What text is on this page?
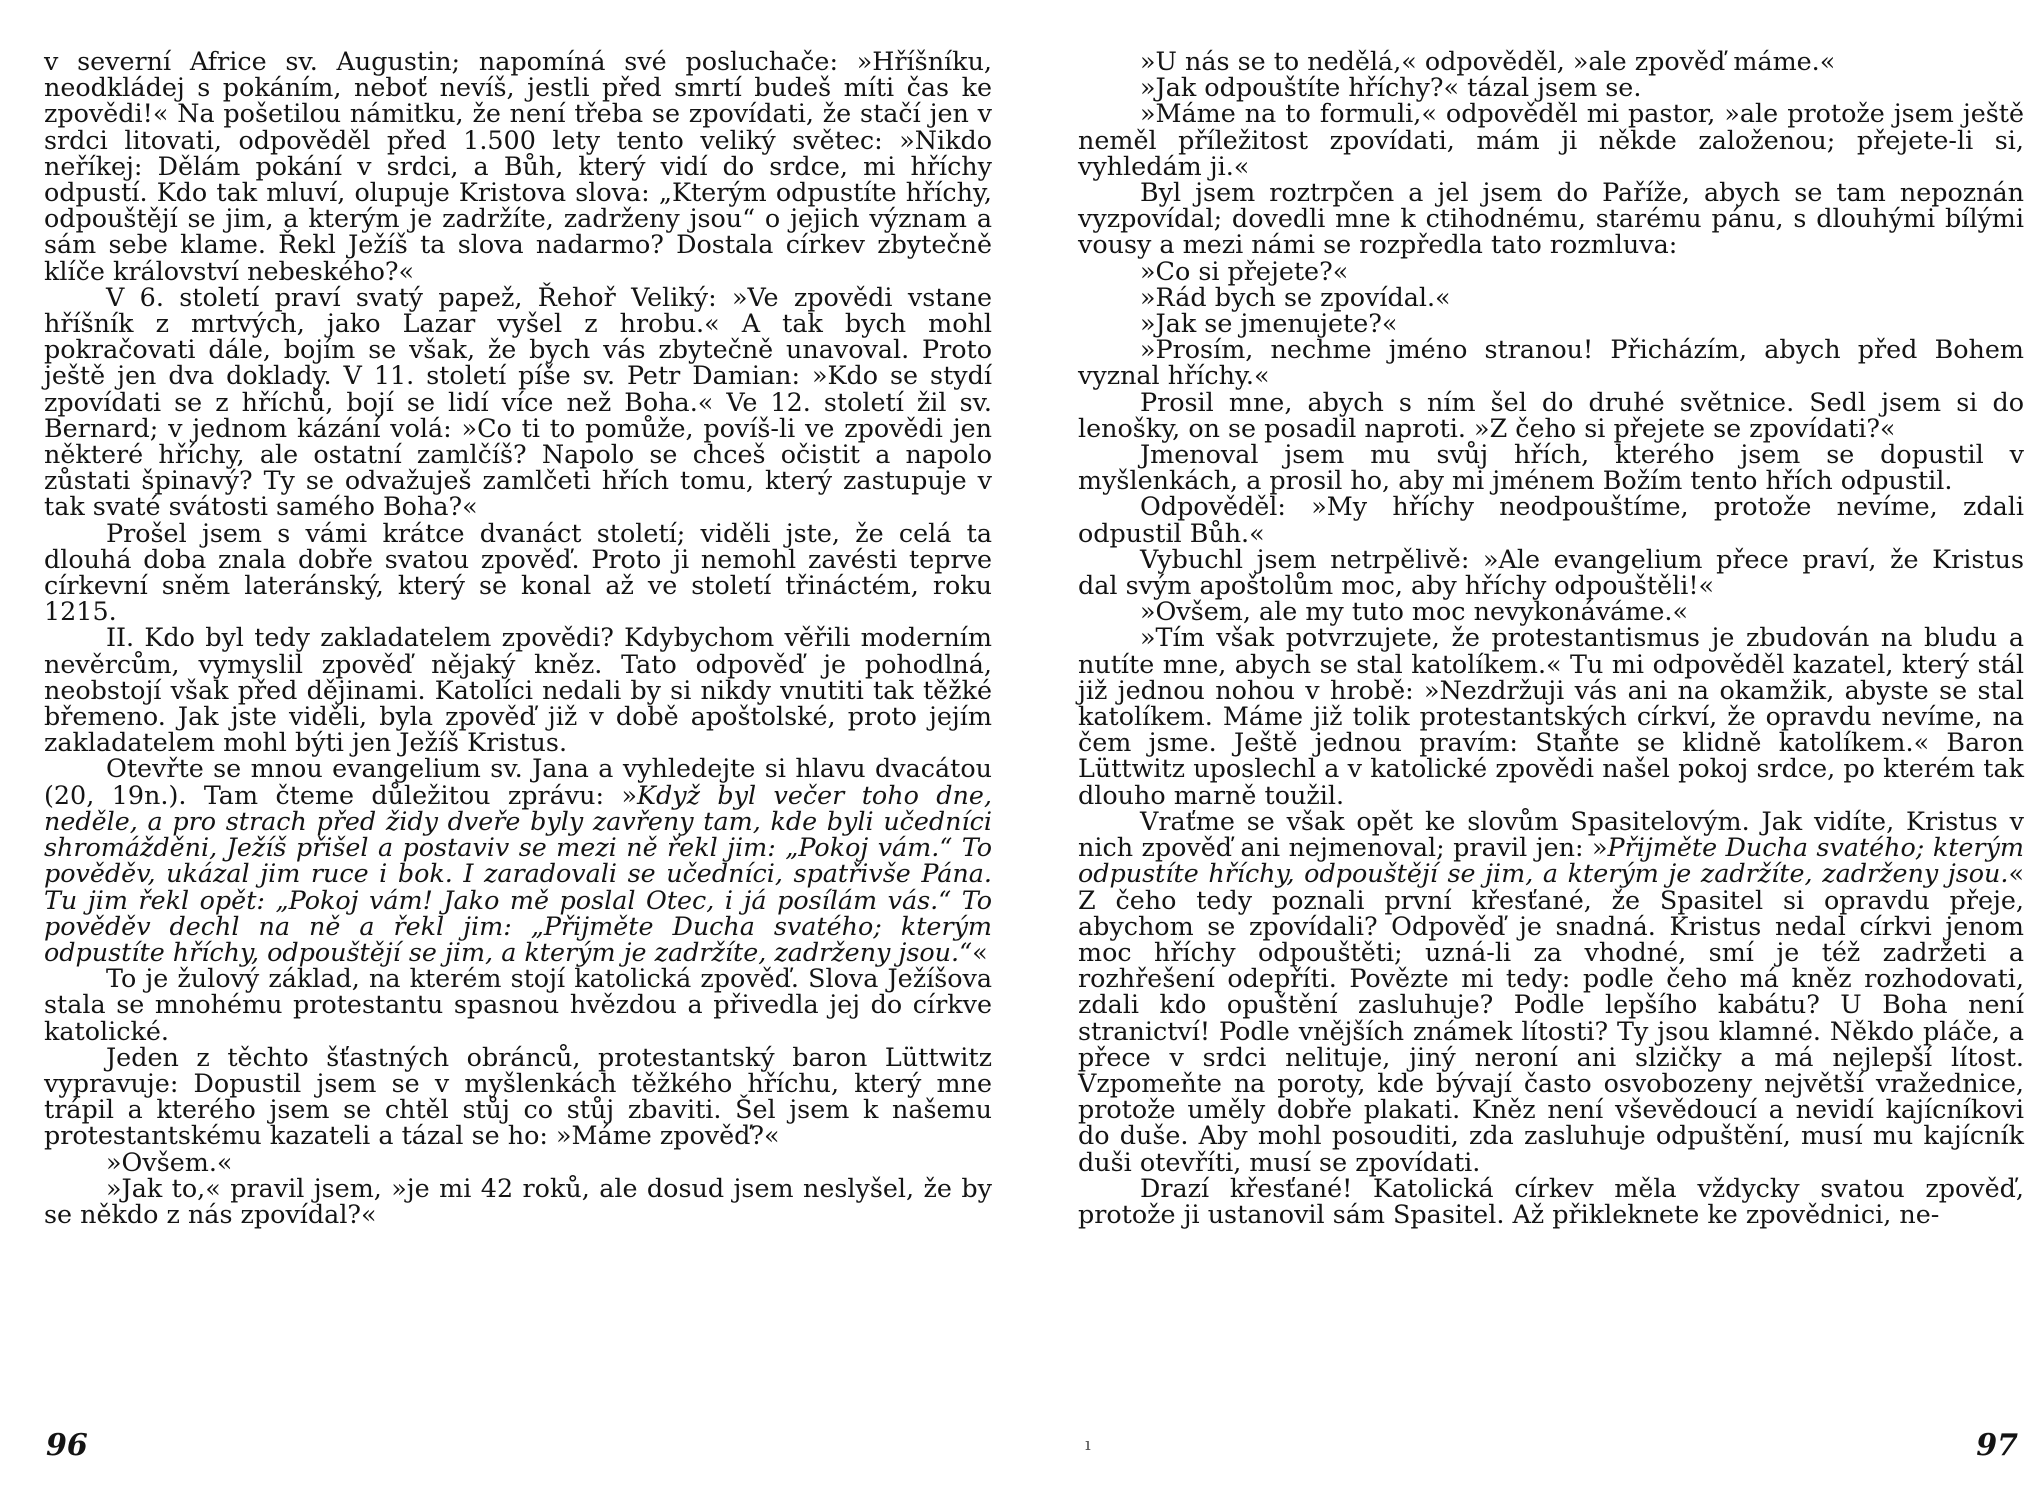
v severní Africe sv. Augustin; napomíná své posluchače: »Hříšníku, neodkládej s pokáním, neboť nevíš, jestli před smrtí budeš míti čas ke zpovědi!« Na pošetilou námitku, že není třeba se zpovídati, že stačí jen v srdci litovati, odpověděl před 1.500 lety tento veliký světec: »Nikdo neříkej: Dělám pokání v srdci, a Bůh, který vidí do srdce, mi hříchy odpustí. Kdo tak mluví, olupuje Kristova slova: „Kterým odpustíte hříchy, odpouštějí se jim, a kterým je zadržíte, zadrženy jsou“ o jejich význam a sám sebe klame. Řekl Ježíš ta slova nadarmo? Dostala církev zbytečně klíče království nebeského?«

V 6. století praví svatý papež, Řehoř Veliký: »Ve zpovědi vstane hříšník z mrtvých, jako Lazar vyšel z hrobu.« A tak bych mohl pokračovati dále, bojím se však, že bych vás zbytečně unavoval. Proto ještě jen dva doklady. V 11. století píše sv. Petr Damian: »Kdo se stydí zpovídati se z hříchů, bojí se lidí více než Boha.« Ve 12. století žil sv. Bernard; v jednom kázání volá: »Co ti to pomůže, povíš-li ve zpovědi jen některé hříchy, ale ostatní zamlčíš? Napolo se chceš očistit a napolo zůstati špinavý? Ty se odvažuješ zamlčeti hřích tomu, který zastupuje v tak svaté svátosti samého Boha?«

Prošel jsem s vámi krátce dvanáct století; viděli jste, že celá ta dlouhá doba znala dobře svatou zpověď. Proto ji nemohl zavésti teprve církevní sněm lateránský, který se konal až ve století třináctém, roku 1215.

II. Kdo byl tedy zakladatelem zpovědi? Kdybychom věřili moderním nevěrcům, vymyslil zpověď nějaký kněz. Tato odpověď je pohodlná, neobstojí však před dějinami. Katolíci nedali by si nikdy vnutiti tak těžké břemeno. Jak jste viděli, byla zpověď již v době apoštolské, proto jejím zakladatelem mohl býti jen Ježíš Kristus.

Otevřte se mnou evangelium sv. Jana a vyhledejte si hlavu dvacátou (20, 19n.). Tam čteme důležitou zprávu: »Když byl večer toho dne, neděle, a pro strach před židy dveře byly zavřeny tam, kde byli učedníci shromážděni, Ježíš přišel a postaviv se mezi ně řekl jim: „Pokoj vám.“ To pověděv, ukázal jim ruce i bok. I zaradovali se učedníci, spatřivše Pána. Tu jim řekl opět: „Pokoj vám! Jako mě poslal Otec, i já posílám vás.“ To pověděv dechl na ně a řekl jim: „Přijměte Ducha svatého; kterým odpustíte hříchy, odpouštějí se jim, a kterým je zadržíte, zadrženy jsou.“«

To je žulový základ, na kterém stojí katolická zpověď. Slova Ježíšova stala se mnohému protestantu spasnou hvězdou a přivedla jej do církve katolické.

Jeden z těchto šťastných obránců, protestantský baron Lüttwitz vypravuje: Dopustil jsem se v myšlenkách těžkého hříchu, který mne trápil a kterého jsem se chtěl stůj co stůj zbaviti. Šel jsem k našemu protestantskému kazateli a tázal se ho: »Máme zpověď?«

»Ovšem.«

»Jak to,« pravil jsem, »je mi 42 roků, ale dosud jsem neslyšel, že by se někdo z nás zpovídal?«

»U nás se to nedělá,« odpověděl, »ale zpověď máme.«

»Jak odpouštíte hříchy?« tázal jsem se.

»Máme na to formuli,« odpověděl mi pastor, »ale protože jsem ještě neměl příležitost zpovídati, mám ji někde založenou; přejete-li si, vyhledám ji.«

Byl jsem roztrpčen a jel jsem do Paříže, abych se tam nepoznán vyzpovídal; dovedli mne k ctihodnému, starému pánu, s dlouhými bílými vousy a mezi námi se rozpředla tato rozmluva:

»Co si přejete?«

»Rád bych se zpovídal.«

»Jak se jmenujete?«

»Prosím, nechme jméno stranou! Přicházím, abych před Bohem vyznal hříchy.«

Prosil mne, abych s ním šel do druhé světnice. Sedl jsem si do lenošky, on se posadil naproti. »Z čeho si přejete se zpovídati?«

Jmenoval jsem mu svůj hřích, kterého jsem se dopustil v myšlenkách, a prosil ho, aby mi jménem Božím tento hřích odpustil.

Odpověděl: »My hříchy neodpouštíme, protože nevíme, zdali odpustil Bůh.«

Vybuchl jsem netrpělivě: »Ale evangelium přece praví, že Kristus dal svým apoštolům moc, aby hříchy odpouštěli!«

»Ovšem, ale my tuto moc nevykonáváme.«

»Tím však potvrzujete, že protestantismus je zbudován na bludu a nutíte mne, abych se stal katolíkem.« Tu mi odpověděl kazatel, který stál již jednou nohou v hrobě: »Nezdržuji vás ani na okamžik, abyste se stal katolíkem. Máme již tolik protestantských církví, že opravdu nevíme, na čem jsme. Ještě jednou pravím: Staňte se klidně katolíkem.« Baron Lüttwitz uposlechl a v katolické zpovědi našel pokoj srdce, po kterém tak dlouho marně toužil.

Vraťme se však opět ke slovům Spasitelovým. Jak vidíte, Kristus v nich zpověď ani nejmenoval; pravil jen: »Přijměte Ducha svatého; kterým odpustíte hříchy, odpouštějí se jim, a kterým je zadržíte, zadrženy jsou.« Z čeho tedy poznali první křesťané, že Spasitel si opravdu přeje, abychom se zpovídali? Odpověď je snadná. Kristus nedal církvi jenom moc hříchy odpouštěti; uzná-li za vhodné, smí je též zadržeti a rozhřešení odepříti. Povězte mi tedy: podle čeho má kněz rozhodovati, zdali kdo opuštění zasluhuje? Podle lepšího kabátu? U Boha není stranictví! Podle vnějších známek lítosti? Ty jsou klamné. Někdo pláče, a přece v srdci nelituje, jiný neroní ani slzičky a má nejlepší lítost. Vzpomeňte na poroty, kde bývají často osvobozeny největší vražednice, protože uměly dobře plakati. Kněz není vševědoucí a nevidí kajícníkovi do duše. Aby mohl posouditi, zda zasluhuje odpuštění, musí mu kajícník duši otevříti, musí se zpovídati.

Drazí křesťané! Katolická církev měla vždycky svatou zpověď, protože ji ustanovil sám Spasitel. Až přikleknete ke zpovědnici, ne-

96	ı	97
